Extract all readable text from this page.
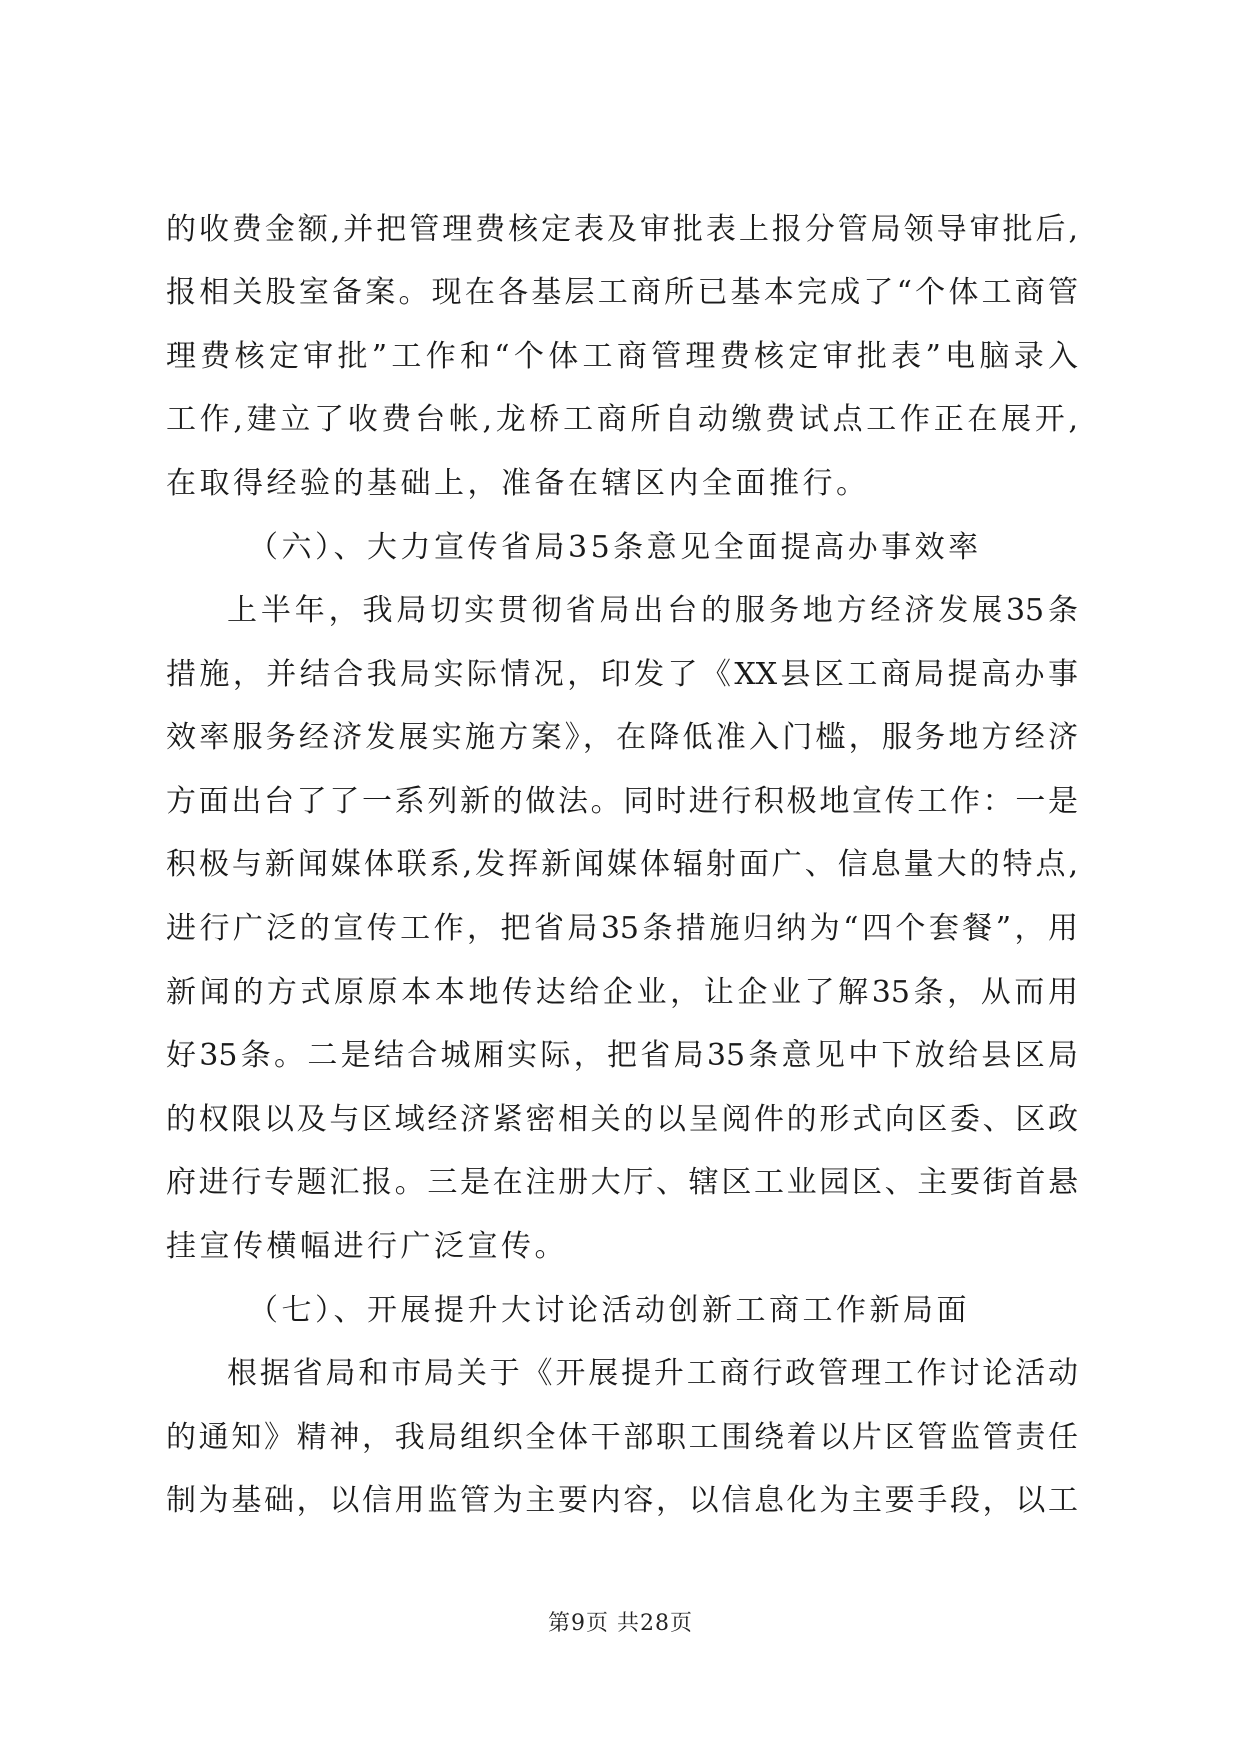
的收费金额,并把管理费核定表及审批表上报分管局领导审批后,
报相关股室备案。现在各基层工商所已基本完成了“个体工商管
理费核定审批”工作和“个体工商管理费核定审批表”电脑录入
工作,建立了收费台帐,龙桥工商所自动缴费试点工作正在展开,
在取得经验的基础上，准备在辖区内全面推行。
（六）、大力宣传省局35条意见全面提高办事效率
上半年，我局切实贯彻省局出台的服务地方经济发展35条
措施，并结合我局实际情况，印发了《XX县区工商局提高办事
效率服务经济发展实施方案》，在降低准入门槛，服务地方经济
方面出台了了一系列新的做法。同时进行积极地宣传工作：一是
积极与新闻媒体联系,发挥新闻媒体辐射面广、信息量大的特点,
进行广泛的宣传工作，把省局35条措施归纳为“四个套餐”，用
新闻的方式原原本本地传达给企业，让企业了解35条，从而用
好35条。二是结合城厢实际，把省局35条意见中下放给县区局
的权限以及与区域经济紧密相关的以呈阅件的形式向区委、区政
府进行专题汇报。三是在注册大厅、辖区工业园区、主要街首悬
挂宣传横幅进行广泛宣传。
（七）、开展提升大讨论活动创新工商工作新局面
根据省局和市局关于《开展提升工商行政管理工作讨论活动
的通知》精神，我局组织全体干部职工围绕着以片区管监管责任
制为基础，以信用监管为主要内容，以信息化为主要手段，以工
第9页 共28页
